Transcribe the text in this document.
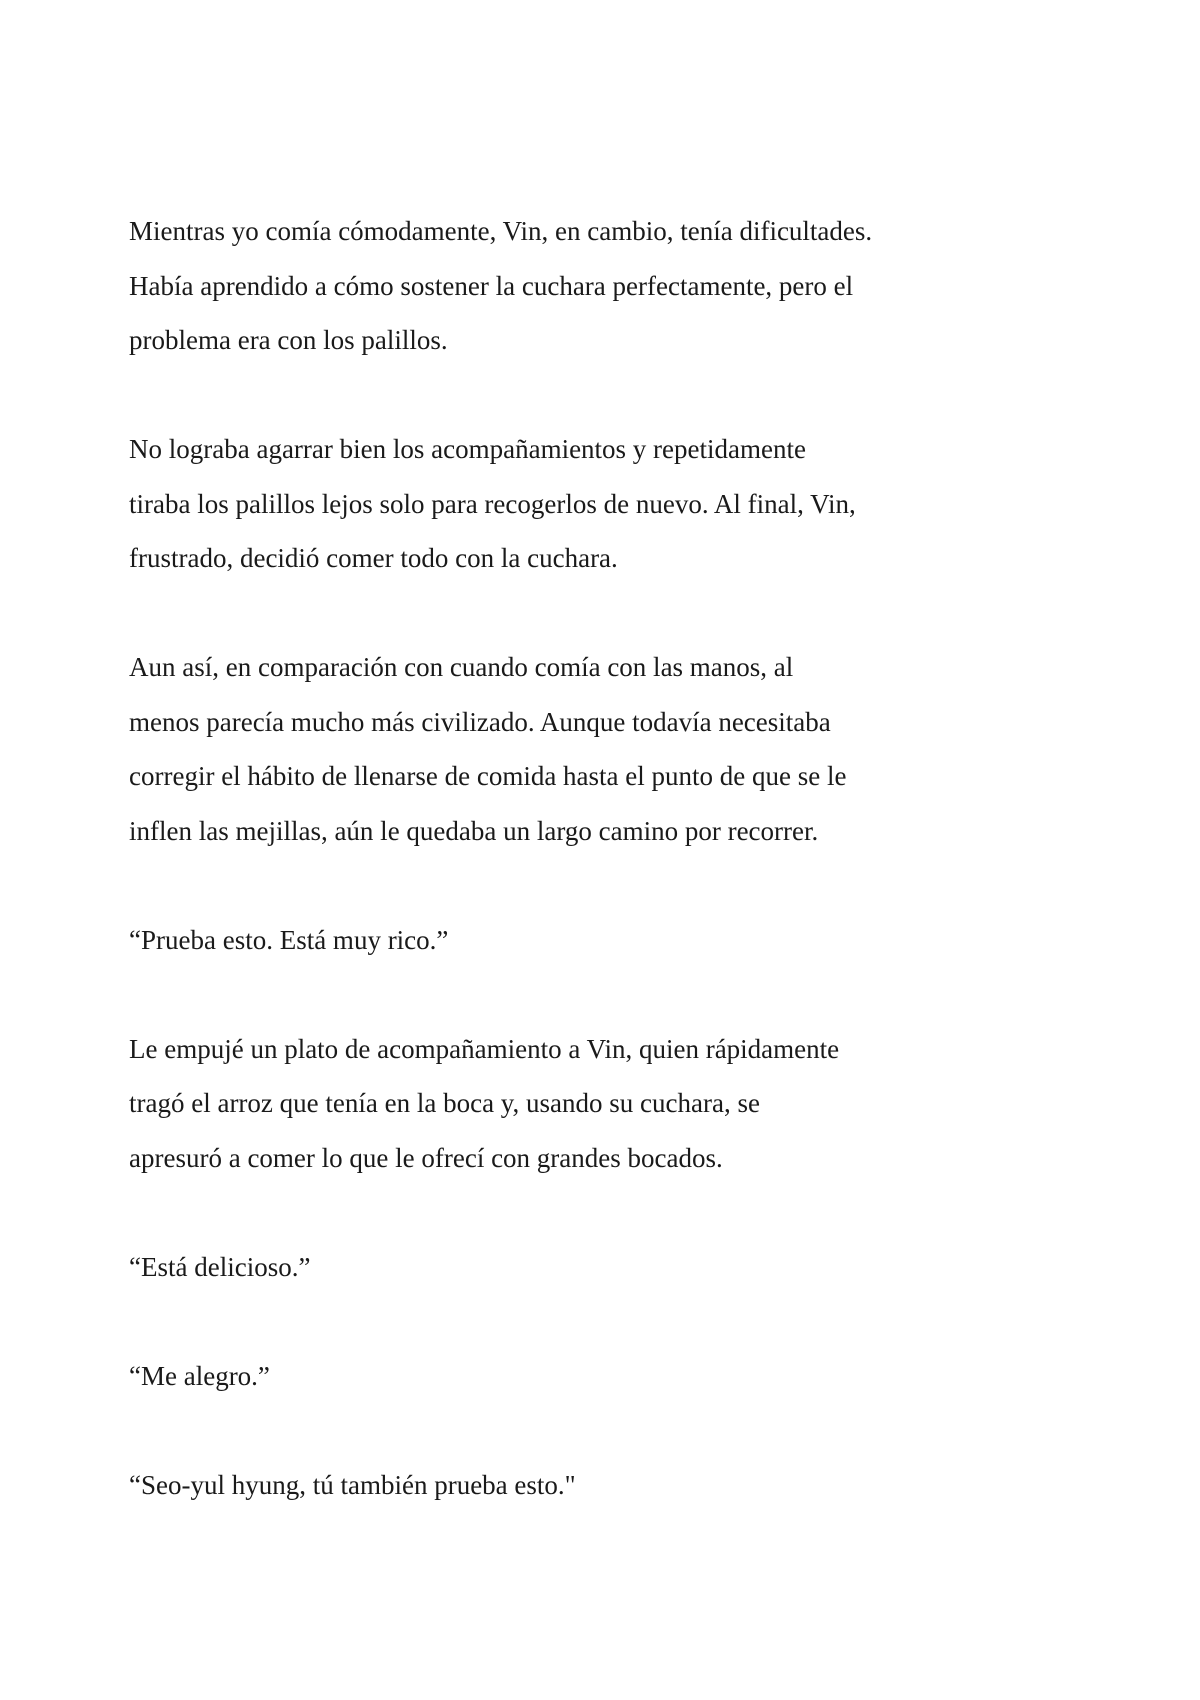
Mientras yo comía cómodamente, Vin, en cambio, tenía dificultades.
Había aprendido a cómo sostener la cuchara perfectamente, pero el
problema era con los palillos.

No lograba agarrar bien los acompañamientos y repetidamente
tiraba los palillos lejos solo para recogerlos de nuevo. Al final, Vin,
frustrado, decidió comer todo con la cuchara.

Aun así, en comparación con cuando comía con las manos, al
menos parecía mucho más civilizado. Aunque todavía necesitaba
corregir el hábito de llenarse de comida hasta el punto de que se le
inflen las mejillas, aún le quedaba un largo camino por recorrer.

“Prueba esto. Está muy rico.”

Le empujé un plato de acompañamiento a Vin, quien rápidamente
tragó el arroz que tenía en la boca y, usando su cuchara, se
apresuró a comer lo que le ofrecí con grandes bocados.

“Está delicioso.”

“Me alegro.”

“Seo-yul hyung, tú también prueba esto."
